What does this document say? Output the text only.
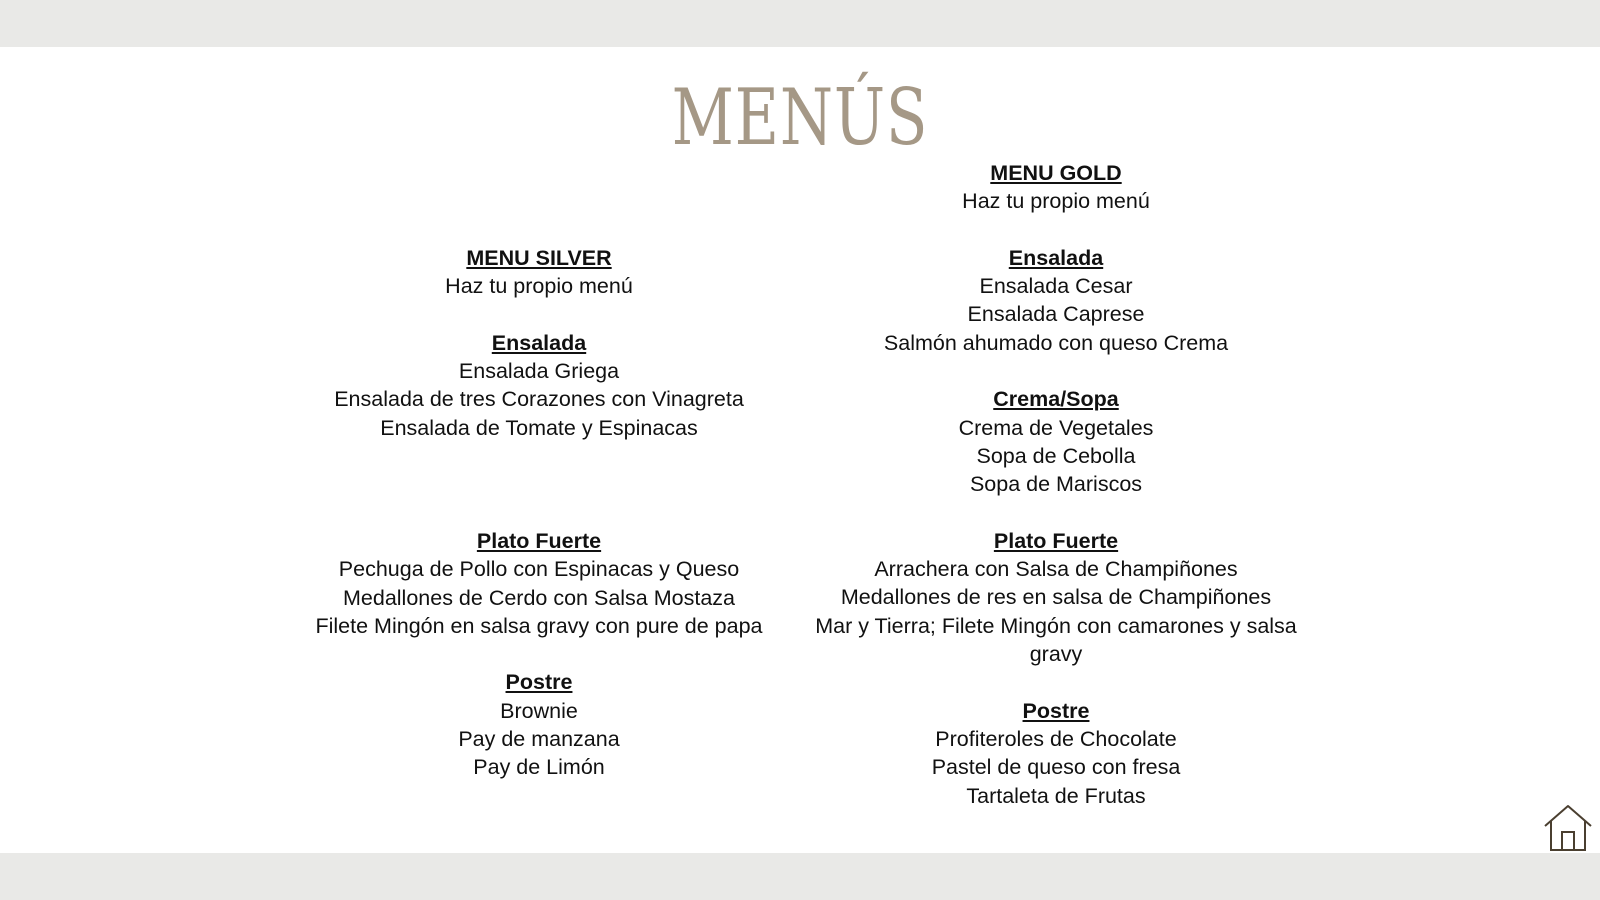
MENÚS
MENU SILVER
Haz tu propio menú
Ensalada
Ensalada Griega
Ensalada de tres Corazones con Vinagreta
Ensalada de Tomate y Espinacas
Plato Fuerte
Pechuga de Pollo con Espinacas y Queso
Medallones de Cerdo con Salsa Mostaza
Filete Mingón en salsa gravy con pure de papa
Postre
Brownie
Pay de manzana
Pay de Limón
MENU GOLD
Haz tu propio menú
Ensalada
Ensalada Cesar
Ensalada Caprese
Salmón ahumado con queso Crema
Crema/Sopa
Crema de Vegetales
Sopa de Cebolla
Sopa de Mariscos
Plato Fuerte
Arrachera con Salsa de Champiñones
Medallones de res en salsa de Champiñones
Mar y Tierra; Filete Mingón con camarones y salsa
gravy
Postre
Profiteroles de Chocolate
Pastel de queso con fresa
Tartaleta de Frutas
